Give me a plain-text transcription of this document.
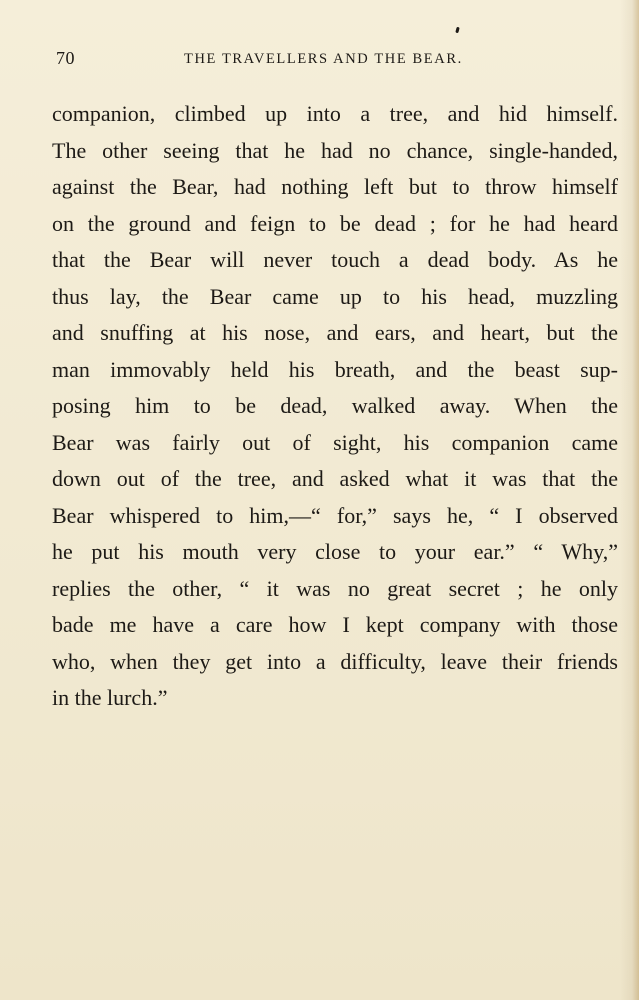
70	THE TRAVELLERS AND THE BEAR.
companion, climbed up into a tree, and hid himself.
The other seeing that he had no chance, single-handed,
against the Bear, had nothing left but to throw himself
on the ground and feign to be dead ; for he had heard
that the Bear will never touch a dead body. As he
thus lay, the Bear came up to his head, muzzling
and snuffing at his nose, and ears, and heart, but the
man immovably held his breath, and the beast sup-
posing him to be dead, walked away. When the
Bear was fairly out of sight, his companion came
down out of the tree, and asked what it was that the
Bear whispered to him,—“ for,” says he, “ I observed
he put his mouth very close to your ear.” “ Why,”
replies the other, “ it was no great secret ; he only
bade me have a care how I kept company with those
who, when they get into a difficulty, leave their friends
in the lurch.”
